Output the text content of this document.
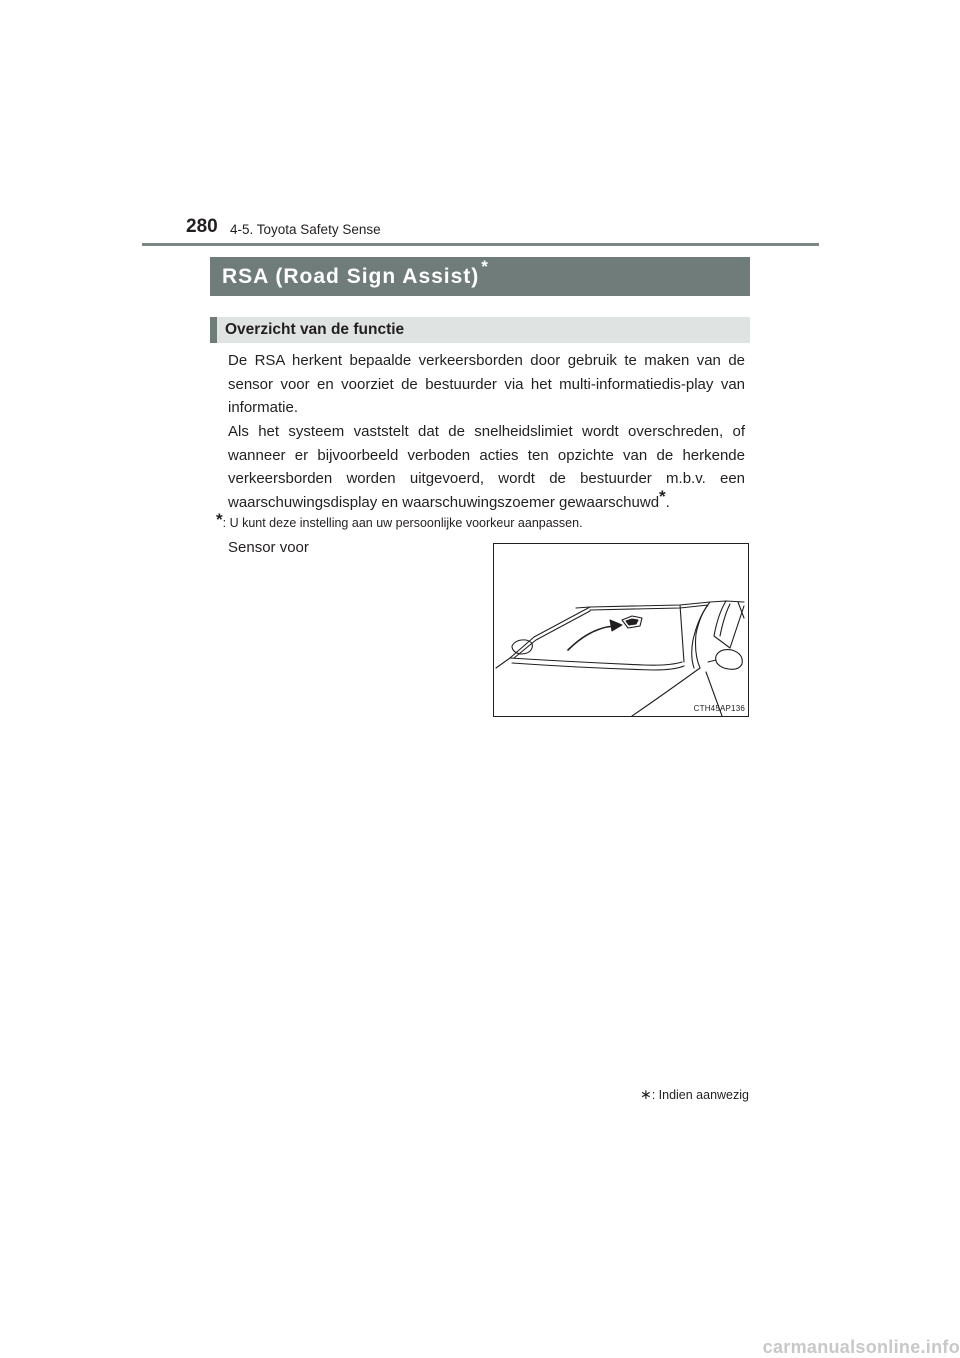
280 4-5. Toyota Safety Sense
RSA (Road Sign Assist) *
Overzicht van de functie

De RSA herkent bepaalde verkeersborden door gebruik te maken van de sensor voor en voorziet de bestuurder via het multi-informatiedis-play van informatie.

Als het systeem vaststelt dat de snelheidslimiet wordt overschreden, of wanneer er bijvoorbeeld verboden acties ten opzichte van de herkende verkeersborden worden uitgevoerd, wordt de bestuurder m.b.v. een waarschuwingsdisplay en waarschuwingszoemer gewaarschuwd*.

*: U kunt deze instelling aan uw persoonlijke voorkeur aanpassen.
Sensor voor
CTH45AP136
∗: Indien aanwezig
carmanualsonline.info
